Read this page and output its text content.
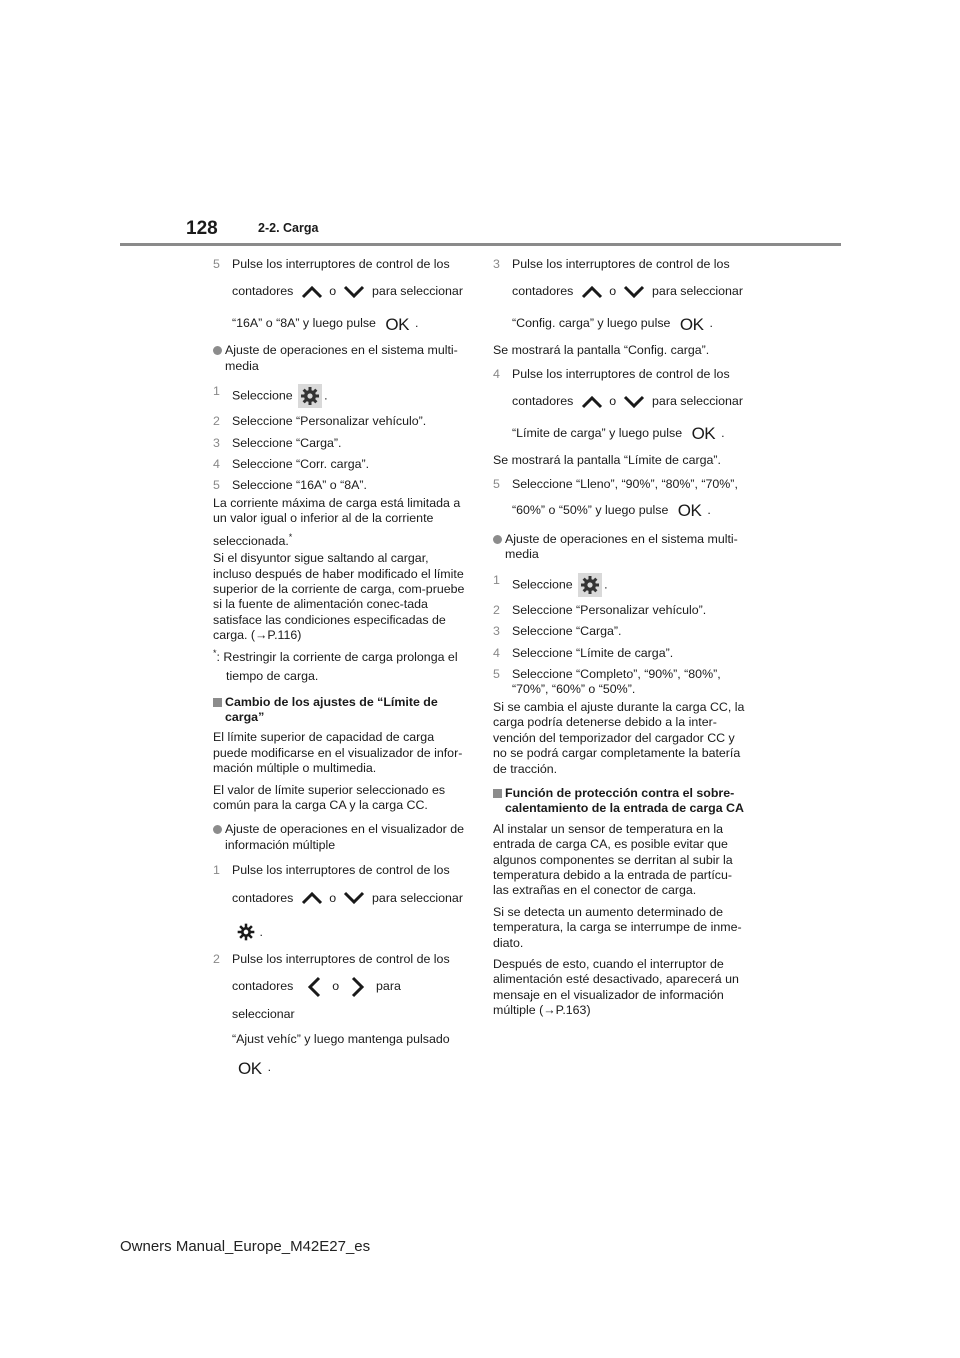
128	2-2. Carga
5 Pulse los interruptores de control de los
contadores	o	para seleccionar
“16A” o “8A” y luego pulse OK .
Ajuste de operaciones en el sistema multi-media
1 Seleccione	.
2 Seleccione “Personalizar vehículo”.
3 Seleccione “Carga”.
4 Seleccione “Corr. carga”.
5 Seleccione “16A” o “8A”.

La corriente máxima de carga está limitada a un valor igual o inferior al de la corriente

seleccionada.*

Si el disyuntor sigue saltando al cargar, incluso después de haber modificado el límite superior de la corriente de carga, com-pruebe si la fuente de alimentación conec-tada satisface las condiciones especificadas de carga. (→P.116)

*: Restringir la corriente de carga prolonga el

tiempo de carga.

Cambio de los ajustes de “Límite de carga”

El límite superior de capacidad de carga puede modificarse en el visualizador de infor-mación múltiple o multimedia.

El valor de límite superior seleccionado es común para la carga CA y la carga CC.

Ajuste de operaciones en el visualizador de información múltiple
1 Pulse los interruptores de control de los
contadores	o	para seleccionar
.
2 Pulse los interruptores de control de los
contadores	o	para seleccionar
“Ajust vehíc” y luego mantenga pulsado
OK .
3 Pulse los interruptores de control de los
contadores	o	para seleccionar
“Config. carga” y luego pulse OK .

Se mostrará la pantalla “Config. carga”.

4 Pulse los interruptores de control de los
contadores	o	para seleccionar
“Límite de carga” y luego pulse OK .

Se mostrará la pantalla “Límite de carga”.

5 Seleccione “Lleno”, “90%”, “80%”, “70%”,
“60%” o “50%” y luego pulse OK .
Ajuste de operaciones en el sistema multi-media
1 Seleccione	.
2 Seleccione “Personalizar vehículo”.
3 Seleccione “Carga”.
4 Seleccione “Límite de carga”.
5 Seleccione “Completo”, “90%”, “80%”, “70%”, “60%” o “50%”.

Si se cambia el ajuste durante la carga CC, la carga podría detenerse debido a la inter-vención del temporizador del cargador CC y no se podrá cargar completamente la batería de tracción.

Función de protección contra el sobre-calentamiento de la entrada de carga CA

Al instalar un sensor de temperatura en la entrada de carga CA, es posible evitar que algunos componentes se derritan al subir la temperatura debido a la entrada de partícu-las extrañas en el conector de carga.

Si se detecta un aumento determinado de temperatura, la carga se interrumpe de inme-diato.

Después de esto, cuando el interruptor de alimentación esté desactivado, aparecerá un mensaje en el visualizador de información múltiple (→P.163)

Owners Manual_Europe_M42E27_es
